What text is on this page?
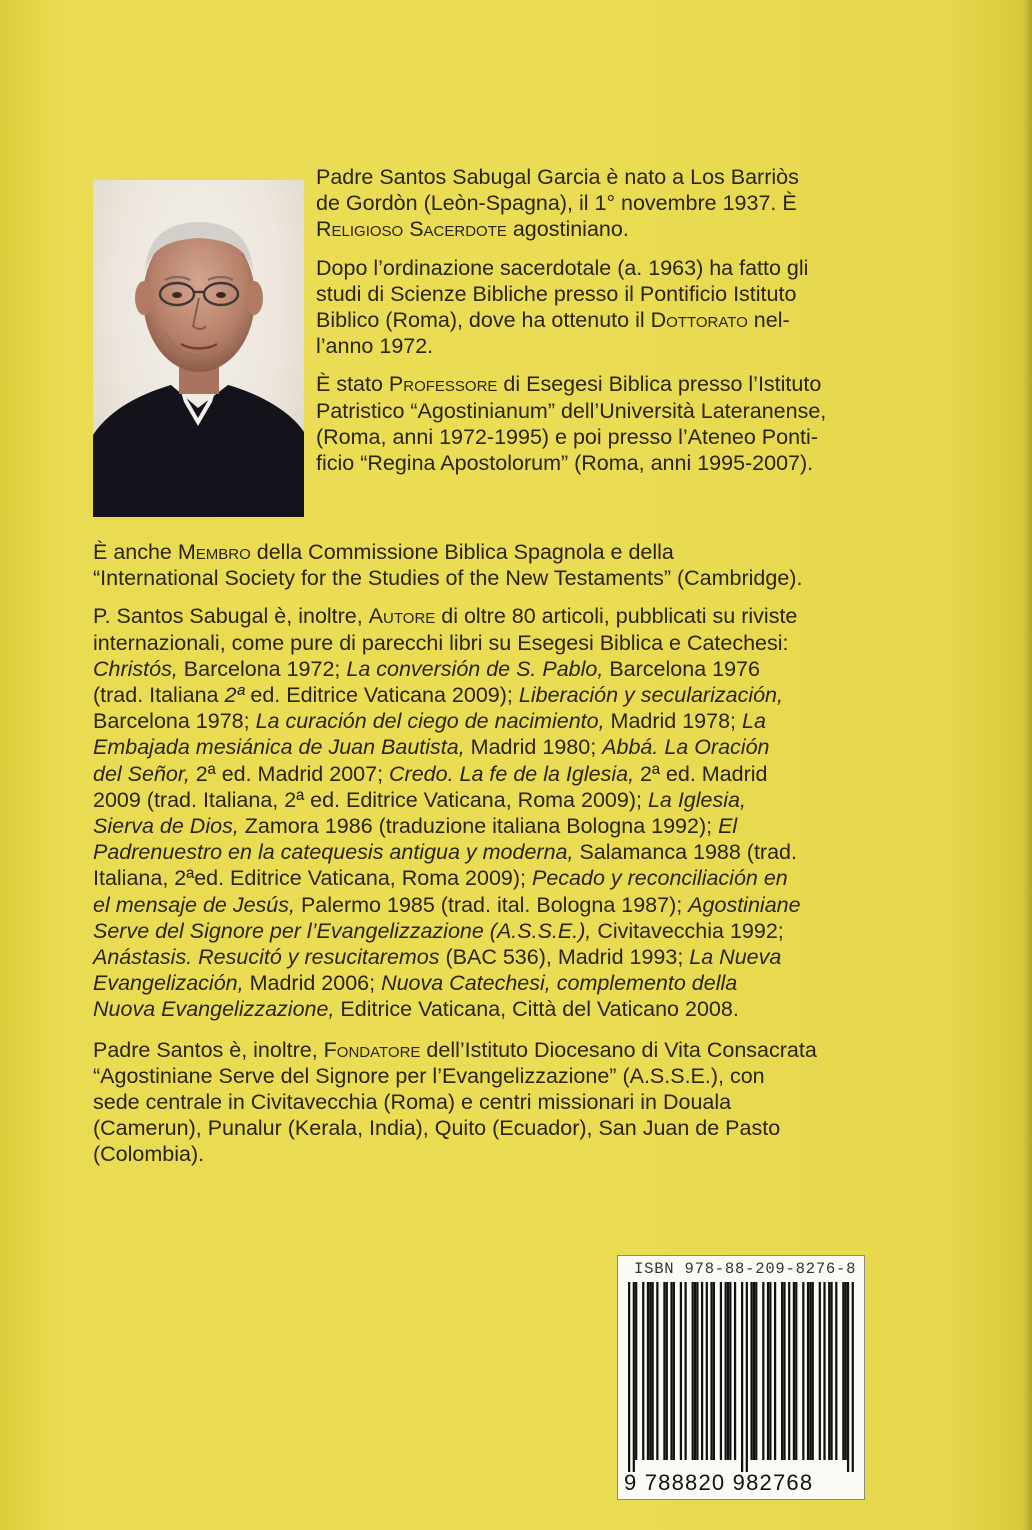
Padre Santos Sabugal Garcia è nato a Los Barriòs
de Gordòn (Leòn-Spagna), il 1° novembre 1937. È
Religioso Sacerdote agostiniano.

Dopo l’ordinazione sacerdotale (a. 1963) ha fatto gli
studi di Scienze Bibliche presso il Pontificio Istituto
Biblico (Roma), dove ha ottenuto il Dottorato nel-
l’anno 1972.

È stato Professore di Esegesi Biblica presso l’Istituto
Patristico “Agostinianum” dell’Università Lateranense,
(Roma, anni 1972-1995) e poi presso l’Ateneo Ponti-
ficio “Regina Apostolorum” (Roma, anni 1995-2007).

È anche Membro della Commissione Biblica Spagnola e della
“International Society for the Studies of the New Testaments” (Cambridge).

P. Santos Sabugal è, inoltre, Autore di oltre 80 articoli, pubblicati su riviste
internazionali, come pure di parecchi libri su Esegesi Biblica e Catechesi:
Christós, Barcelona 1972; La conversión de S. Pablo, Barcelona 1976
(trad. Italiana 2ª ed. Editrice Vaticana 2009); Liberación y secularización,
Barcelona 1978; La curación del ciego de nacimiento, Madrid 1978; La
Embajada mesiánica de Juan Bautista, Madrid 1980; Abbá. La Oración
del Señor, 2ª ed. Madrid 2007; Credo. La fe de la Iglesia, 2ª ed. Madrid
2009 (trad. Italiana, 2ª ed. Editrice Vaticana, Roma 2009); La Iglesia,
Sierva de Dios, Zamora 1986 (traduzione italiana Bologna 1992); El
Padrenuestro en la catequesis antigua y moderna, Salamanca 1988 (trad.
Italiana, 2ªed. Editrice Vaticana, Roma 2009); Pecado y reconciliación en
el mensaje de Jesús, Palermo 1985 (trad. ital. Bologna 1987); Agostiniane
Serve del Signore per l’Evangelizzazione (A.S.S.E.), Civitavecchia 1992;
Anástasis. Resucitó y resucitaremos (BAC 536), Madrid 1993; La Nueva
Evangelización, Madrid 2006; Nuova Catechesi, complemento della
Nuova Evangelizzazione, Editrice Vaticana, Città del Vaticano 2008.

Padre Santos è, inoltre, Fondatore dell’Istituto Diocesano di Vita Consacrata
“Agostiniane Serve del Signore per l’Evangelizzazione” (A.S.S.E.), con
sede centrale in Civitavecchia (Roma) e centri missionari in Douala
(Camerun), Punalur (Kerala, India), Quito (Ecuador), San Juan de Pasto
(Colombia).

ISBN 978-88-209-8276-8
9 788820 982768
